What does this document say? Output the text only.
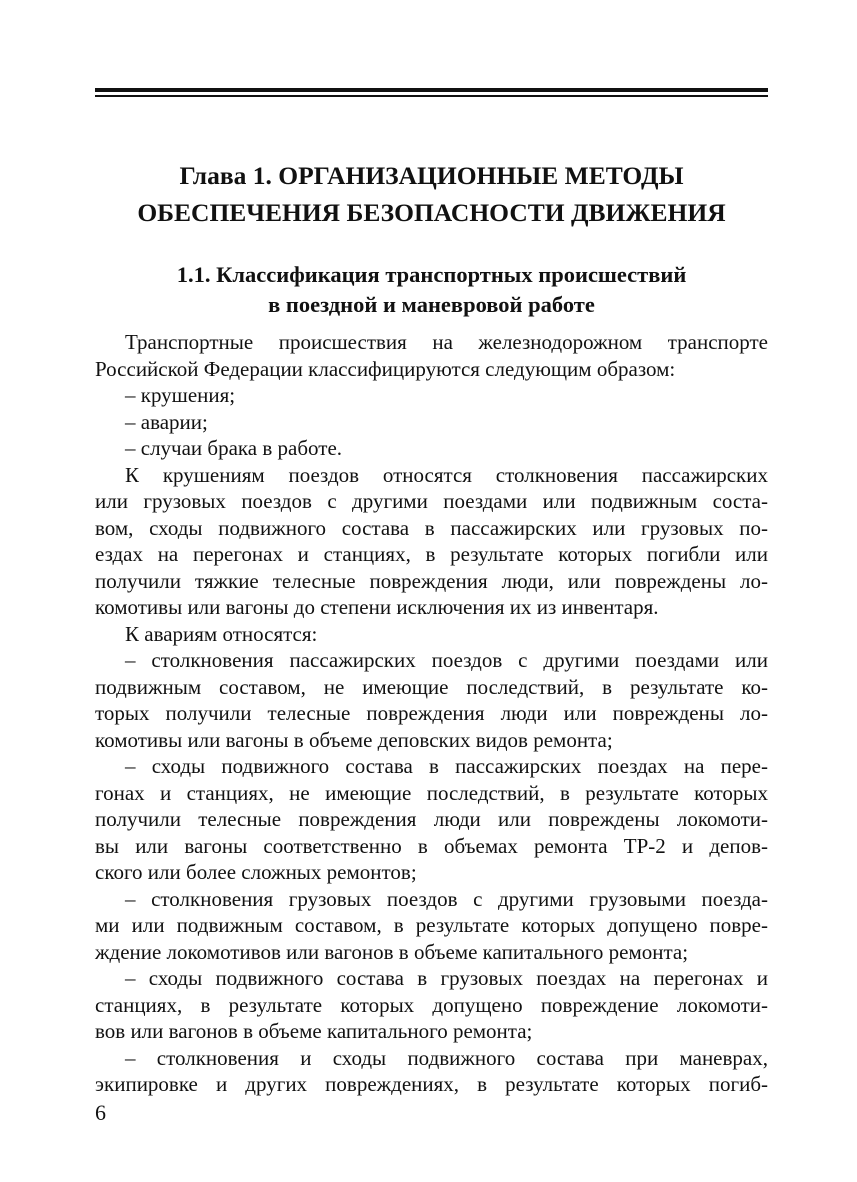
Глава 1. ОРГАНИЗАЦИОННЫЕ МЕТОДЫ
ОБЕСПЕЧЕНИЯ БЕЗОПАСНОСТИ ДВИЖЕНИЯ
1.1. Классификация транспортных происшествий
в поездной и маневровой работе
Транспортные происшествия на железнодорожном транспорте
Российской Федерации классифицируются следующим образом:
– крушения;
– аварии;
– случаи брака в работе.
К крушениям поездов относятся столкновения пассажирских
или грузовых поездов с другими поездами или подвижным соста-
вом, сходы подвижного состава в пассажирских или грузовых по-
ездах на перегонах и станциях, в результате которых погибли или
получили тяжкие телесные повреждения люди, или повреждены ло-
комотивы или вагоны до степени исключения их из инвентаря.
К авариям относятся:
– столкновения пассажирских поездов с другими поездами или
подвижным составом, не имеющие последствий, в результате ко-
торых получили телесные повреждения люди или повреждены ло-
комотивы или вагоны в объеме деповских видов ремонта;
– сходы подвижного состава в пассажирских поездах на пере-
гонах и станциях, не имеющие последствий, в результате которых
получили телесные повреждения люди или повреждены локомоти-
вы или вагоны соответственно в объемах ремонта ТР-2 и депов-
ского или более сложных ремонтов;
– столкновения грузовых поездов с другими грузовыми поезда-
ми или подвижным составом, в результате которых допущено повре-
ждение локомотивов или вагонов в объеме капитального ремонта;
– сходы подвижного состава в грузовых поездах на перегонах и
станциях, в результате которых допущено повреждение локомоти-
вов или вагонов в объеме капитального ремонта;
– столкновения и сходы подвижного состава при маневрах,
экипировке и других повреждениях, в результате которых погиб-
6
